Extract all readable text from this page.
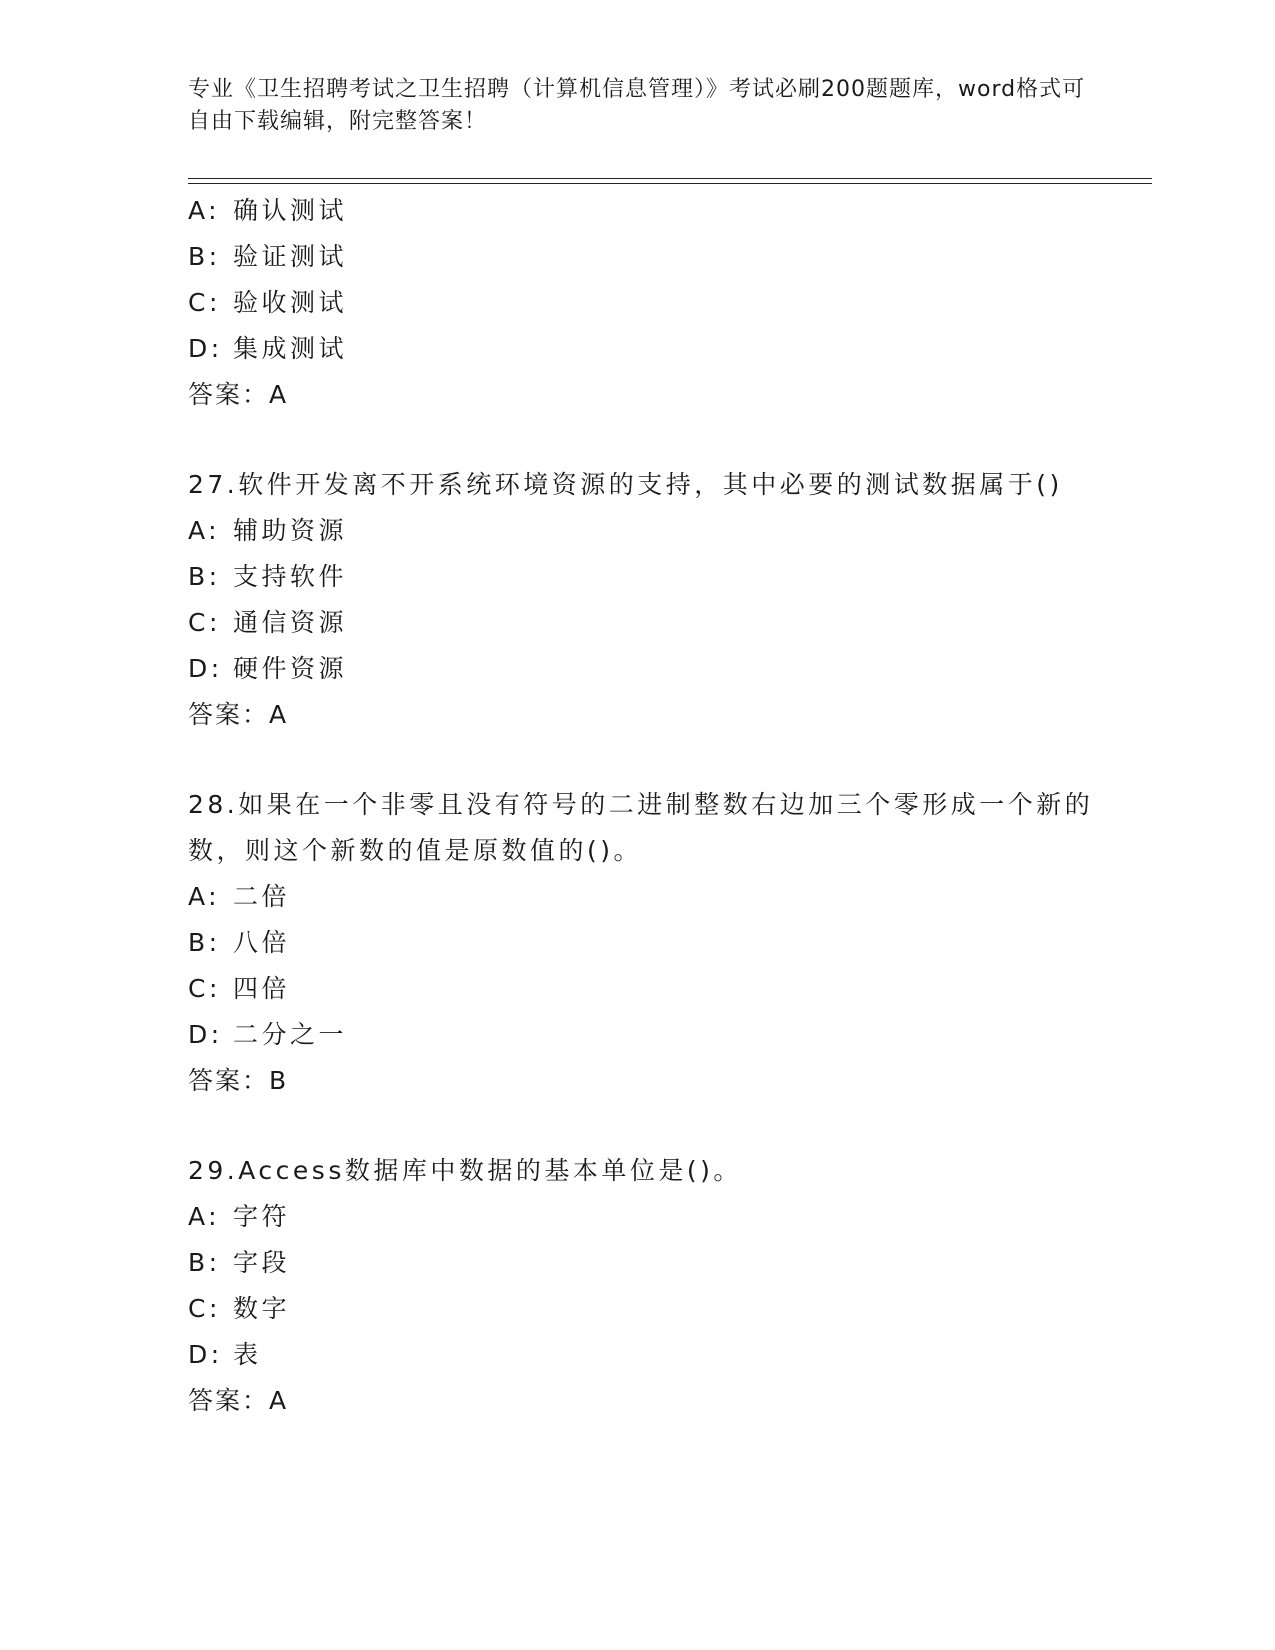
专业《卫生招聘考试之卫生招聘（计算机信息管理）》考试必刷200题题库，word格式可自由下载编辑，附完整答案！
A: 确认测试
B: 验证测试
C: 验收测试
D: 集成测试
答案：A
27.软件开发离不开系统环境资源的支持，其中必要的测试数据属于()
A: 辅助资源
B: 支持软件
C: 通信资源
D: 硬件资源
答案：A
28.如果在一个非零且没有符号的二进制整数右边加三个零形成一个新的数，则这个新数的值是原数值的()。
A: 二倍
B: 八倍
C: 四倍
D: 二分之一
答案：B
29.Access数据库中数据的基本单位是()。
A: 字符
B: 字段
C: 数字
D: 表
答案：A
